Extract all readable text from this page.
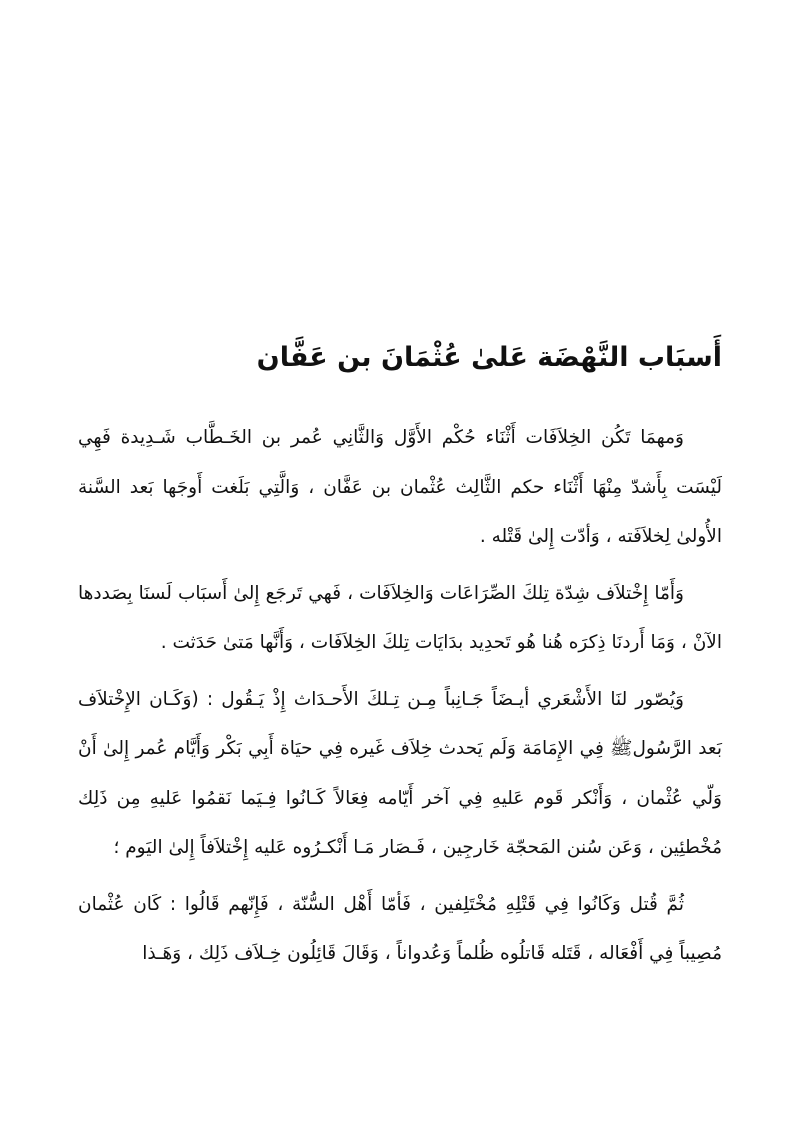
أَسبَاب النَّهْضَة عَلىٰ عُثْمَانَ بن عَفَّان

وَمهمَا تَكُن الخِلاَفَات أَثْنَاء حُكْم الأَوَّل وَالثَّانِي عُمر بن الخَـطَّاب شَـدِيدة فَهِي لَيْسَت بِأَشدّ مِنْهَا أَثْنَاء حكم الثَّالِث عُثْمان بن عَفَّان ، وَالَّتِي بَلَغت أَوجَها بَعد السَّنة الأُولىٰ لِخلاَفَته ، وَأدّت إِلىٰ قَتْله .

وَأَمّا إِخْتلاَف شِدّة تِلكَ الصِّرَاعَات وَالخِلاَفَات ، فَهي تَرجَع إِلىٰ أَسبَاب لَسنَا بِصَددها الآنْ ، وَمَا أَردنَا ذِكرَه هُنا هُو تَحدِيد بدَايَات تِلكَ الخِلاَفَات ، وَأَنَّها مَتىٰ حَدَثت .

وَيُصّور لنَا الأَشْعَري أيـضَاً جَـانِباً مِـن تِـلكَ الأَحـدَاث إِذْ يَـقُول : (وَكَـان الإِخْتلاَف بَعد الرَّسُولﷺ فِي الإِمَامَة وَلَم يَحدث خِلاَف غَيره فِي حيَاة أَبِي بَكْر وَأَيَّام عُمر إِلىٰ أَنْ وَلّي عُثْمان ، وَأَنْكر قَوم عَليهِ فِي آخر أَيّامه فِعَالاً كَـانُوا فِـيَما نَقمُوا عَليهِ مِن ذَلِك مُخْطئِين ، وَعَن سُنن المَحجّة خَارجِين ، فَـصَار مَـا أَنْكـرُوه عَليه إِخْتلاَفاً إِلىٰ اليَوم ؛

ثُمَّ قُتل وَكَانُوا فِي قَتْلِهِ مُخْتَلِفين ، فَأمّا أَهْل السُّنّة ، فَإِنّهم قَالُوا : كَان عُثْمان مُصِيباً فِي أَفْعَاله ، قَتَله قَاتلُوه ظُلماً وَعُدواناً ، وَقَالَ قَائِلُون خِـلاَف ذَلِك ، وَهَـذا
